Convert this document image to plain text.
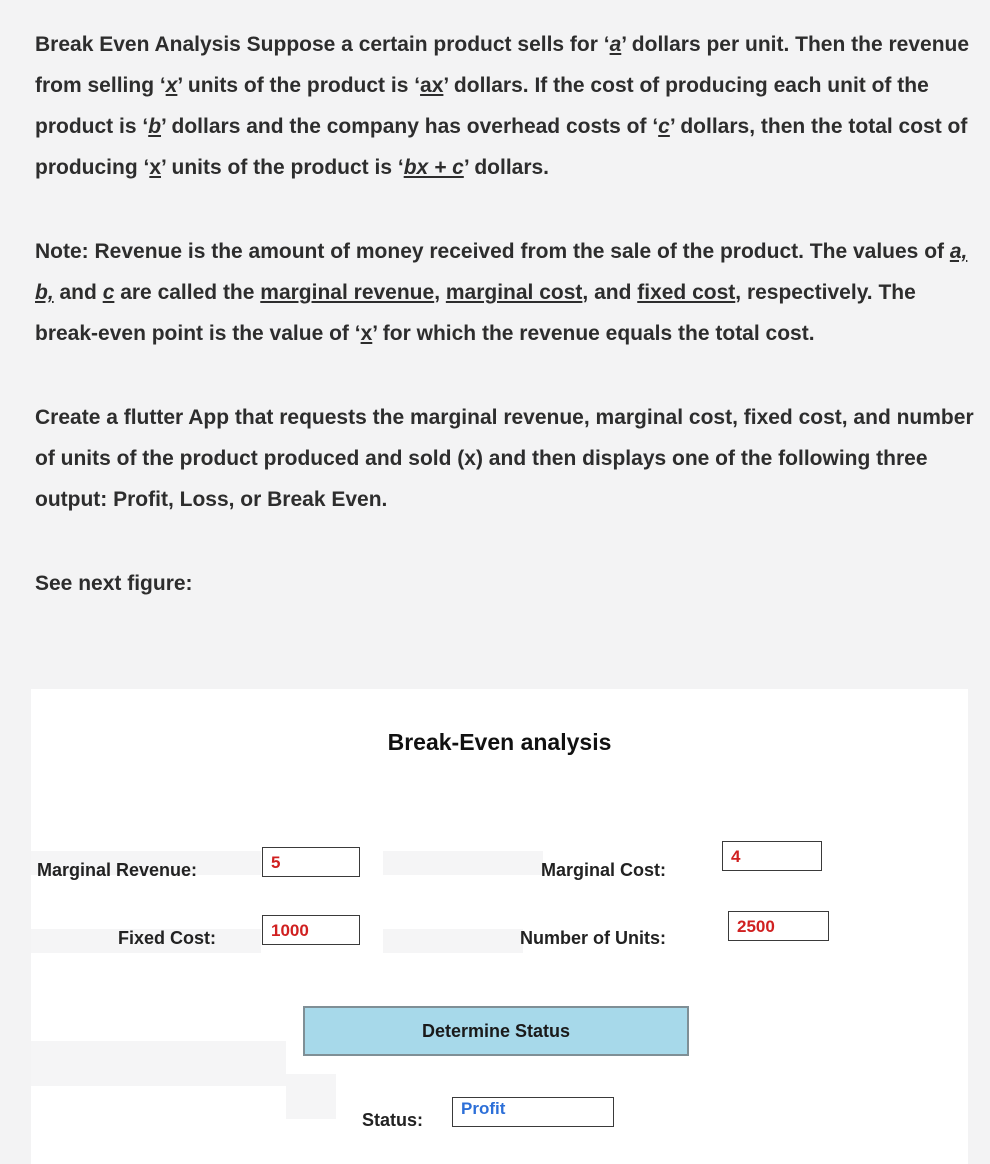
Break Even Analysis Suppose a certain product sells for ‘a’ dollars per unit. Then the revenue from selling ‘x’ units of the product is ‘ax’ dollars. If the cost of producing each unit of the product is ‘b’ dollars and the company has overhead costs of ‘c’ dollars, then the total cost of producing ‘x’ units of the product is ‘bx + c’ dollars.

Note: Revenue is the amount of money received from the sale of the product. The values of a, b, and c are called the marginal revenue, marginal cost, and fixed cost, respectively. The break-even point is the value of ‘x’ for which the revenue equals the total cost.

Create a flutter App that requests the marginal revenue, marginal cost, fixed cost, and number of units of the product produced and sold (x) and then displays one of the following three output: Profit, Loss, or Break Even.

See next figure:

Break-Even analysis
Marginal Revenue:
5	Marginal Cost:
4
Fixed Cost:
1000	Number of Units:
2500
Determine Status
Status:
Profit
